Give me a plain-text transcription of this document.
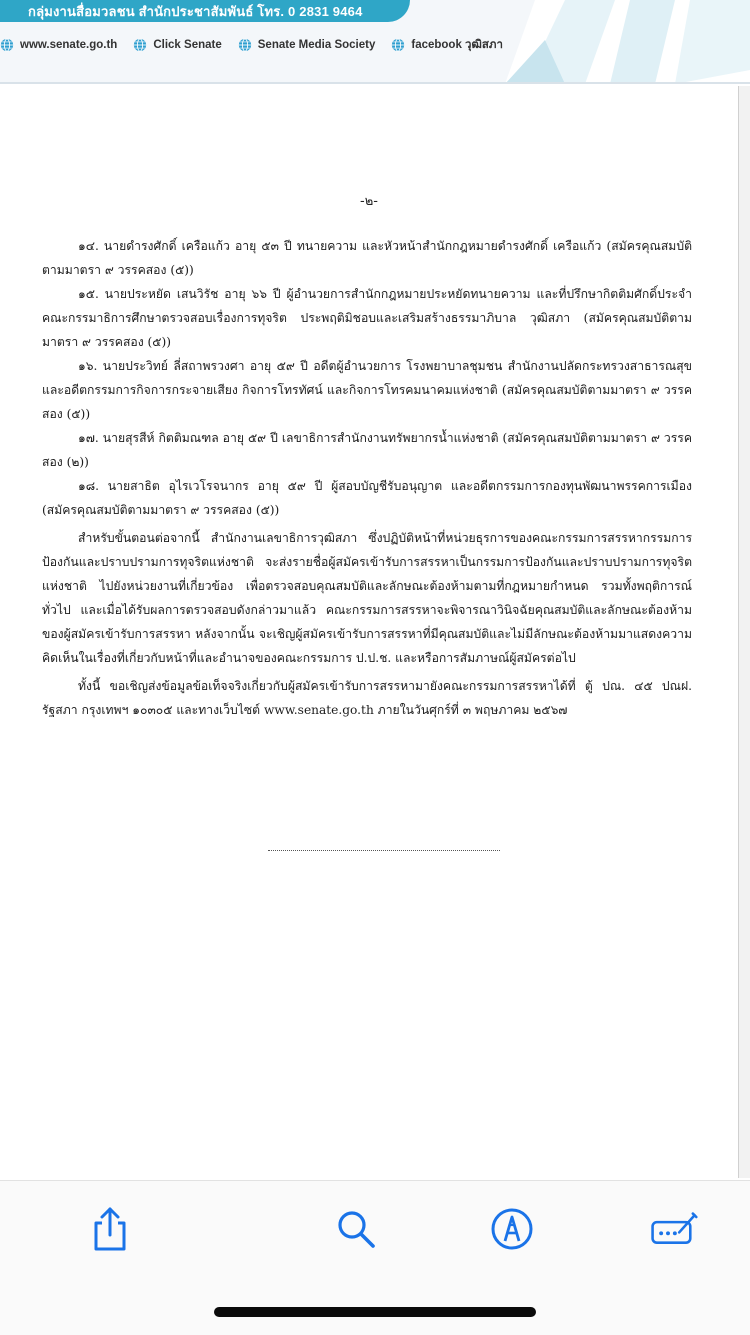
กลุ่มงานสื่อมวลชน สำนักประชาสัมพันธ์ โทร. 0 2831 9464
www.senate.go.th	Click Senate	Senate Media Society	facebook วุฒิสภา
-๒-

๑๔. นายดำรงศักดิ์ เครือแก้ว อายุ ๕๓ ปี ทนายความ และหัวหน้าสำนักกฎหมายดำรงศักดิ์ เครือแก้ว (สมัครคุณสมบัติตามมาตรา ๙ วรรคสอง (๕))

๑๕. นายประหยัด เสนวิรัช อายุ ๖๖ ปี ผู้อำนวยการสำนักกฎหมายประหยัดทนายความ และที่ปรึกษากิตติมศักดิ์ประจำคณะกรรมาธิการศึกษาตรวจสอบเรื่องการทุจริต ประพฤติมิชอบและเสริมสร้างธรรมาภิบาล วุฒิสภา (สมัครคุณสมบัติตามมาตรา ๙ วรรคสอง (๕))

๑๖. นายประวิทย์ ลี่สถาพรวงศา อายุ ๕๙ ปี อดีตผู้อำนวยการ โรงพยาบาลชุมชน สำนักงานปลัดกระทรวงสาธารณสุข และอดีตกรรมการกิจการกระจายเสียง กิจการโทรทัศน์ และกิจการโทรคมนาคมแห่งชาติ (สมัครคุณสมบัติตามมาตรา ๙ วรรคสอง (๕))

๑๗. นายสุรสีห์ กิตติมณฑล อายุ ๕๙ ปี เลขาธิการสำนักงานทรัพยากรน้ำแห่งชาติ (สมัครคุณสมบัติตามมาตรา ๙ วรรคสอง (๒))

๑๘. นายสาธิต อุไรเวโรจนากร อายุ ๕๙ ปี ผู้สอบบัญชีรับอนุญาต และอดีตกรรมการกองทุนพัฒนาพรรคการเมือง (สมัครคุณสมบัติตามมาตรา ๙ วรรคสอง (๕))

สำหรับขั้นตอนต่อจากนี้ สำนักงานเลขาธิการวุฒิสภา ซึ่งปฏิบัติหน้าที่หน่วยธุรการของคณะกรรมการสรรหากรรมการป้องกันและปราบปรามการทุจริตแห่งชาติ จะส่งรายชื่อผู้สมัครเข้ารับการสรรหาเป็นกรรมการป้องกันและปราบปรามการทุจริตแห่งชาติ ไปยังหน่วยงานที่เกี่ยวข้อง เพื่อตรวจสอบคุณสมบัติและลักษณะต้องห้ามตามที่กฎหมายกำหนด รวมทั้งพฤติการณ์ทั่วไป และเมื่อได้รับผลการตรวจสอบดังกล่าวมาแล้ว คณะกรรมการสรรหาจะพิจารณาวินิจฉัยคุณสมบัติและลักษณะต้องห้ามของผู้สมัครเข้ารับการสรรหา หลังจากนั้น จะเชิญผู้สมัครเข้ารับการสรรหาที่มีคุณสมบัติและไม่มีลักษณะต้องห้ามมาแสดงความคิดเห็นในเรื่องที่เกี่ยวกับหน้าที่และอำนาจของคณะกรรมการ ป.ป.ช. และหรือการสัมภาษณ์ผู้สมัครต่อไป

ทั้งนี้ ขอเชิญส่งข้อมูลข้อเท็จจริงเกี่ยวกับผู้สมัครเข้ารับการสรรหามายังคณะกรรมการสรรหาได้ที่ ตู้ ปณ. ๔๕ ปณฝ. รัฐสภา กรุงเทพฯ ๑๐๓๐๕ และทางเว็บไซต์ www.senate.go.th ภายในวันศุกร์ที่ ๓ พฤษภาคม ๒๕๖๗
